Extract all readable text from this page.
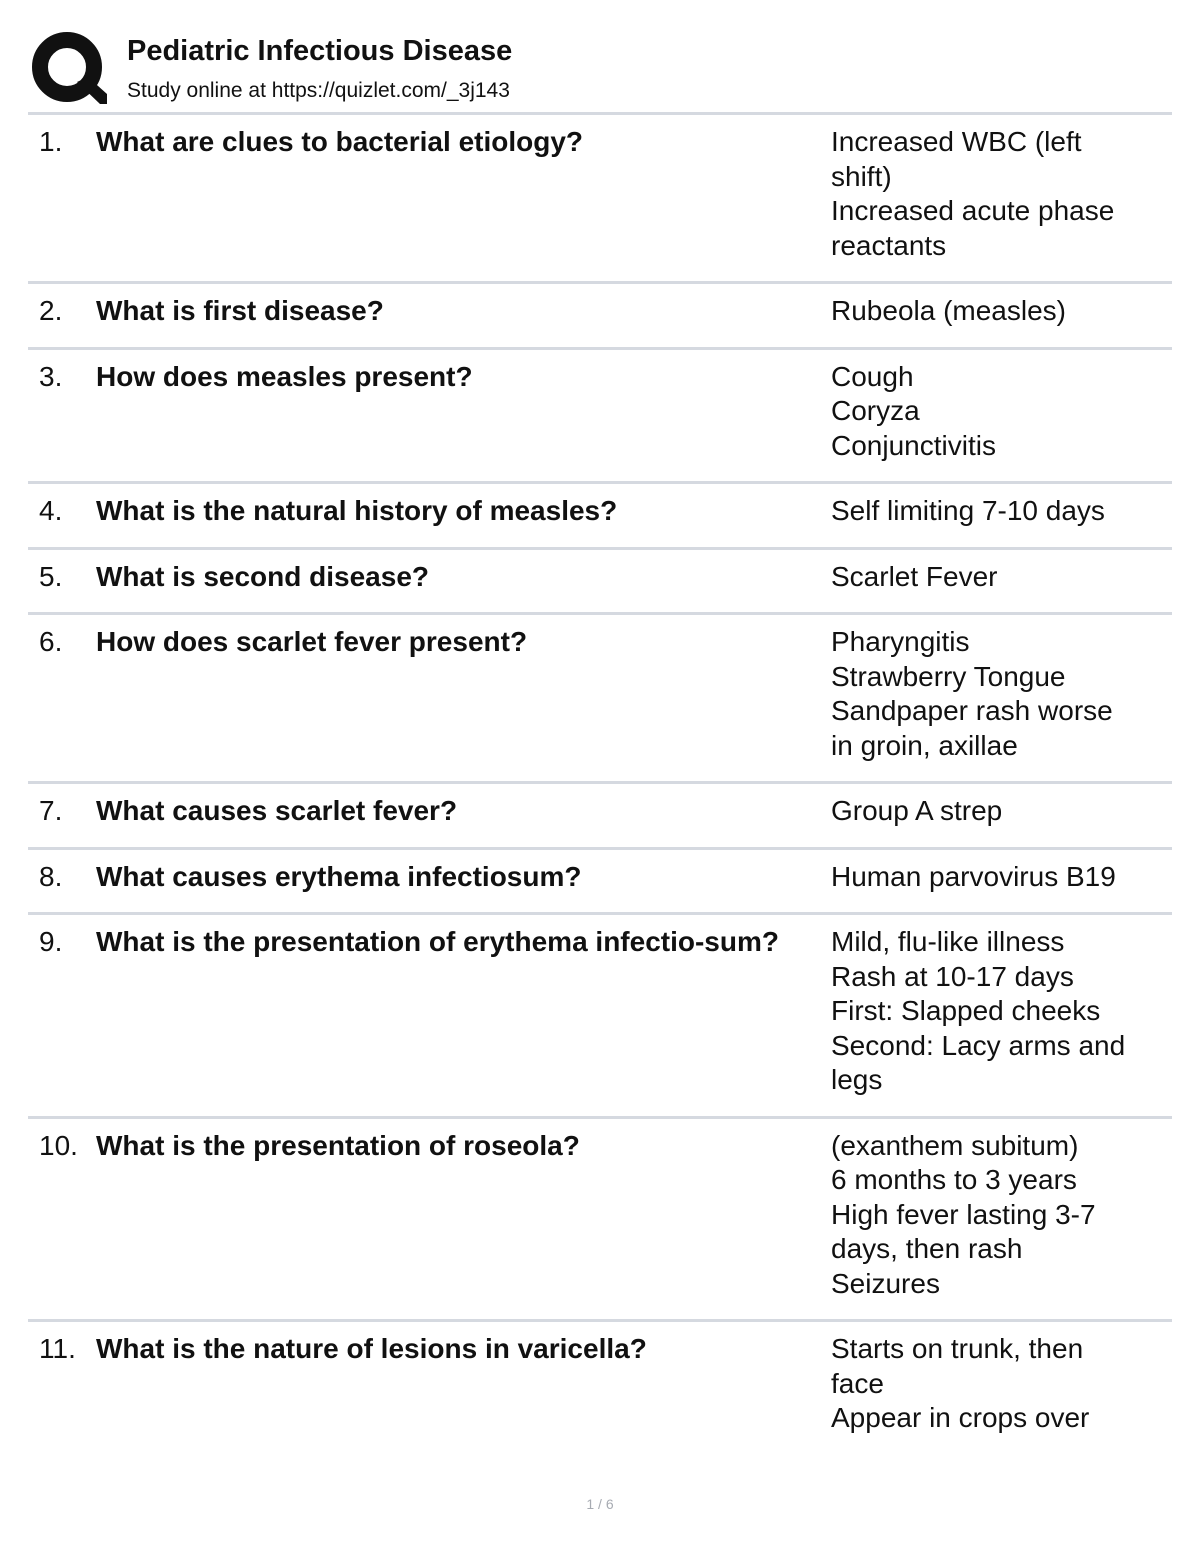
Pediatric Infectious Disease
Study online at https://quizlet.com/_3j143
1. What are clues to bacterial etiology?	Increased WBC (left
shift)
Increased acute phase
reactants
2. What is first disease?	Rubeola (measles)
3. How does measles present?	Cough
Coryza
Conjunctivitis
4. What is the natural history of measles?	Self limiting 7-10 days
5. What is second disease?	Scarlet Fever
6. How does scarlet fever present?	Pharyngitis
Strawberry Tongue
Sandpaper rash worse
in groin, axillae
7. What causes scarlet fever?	Group A strep
8. What causes erythema infectiosum?	Human parvovirus B19
9. What is the presentation of erythema infectio-sum?	Mild, flu-like illness
Rash at 10-17 days
First: Slapped cheeks
Second: Lacy arms and
legs
10. What is the presentation of roseola?	(exanthem subitum)
6 months to 3 years
High fever lasting 3-7
days, then rash
Seizures
11. What is the nature of lesions in varicella?	Starts on trunk, then
face
Appear in crops over
1 / 6
